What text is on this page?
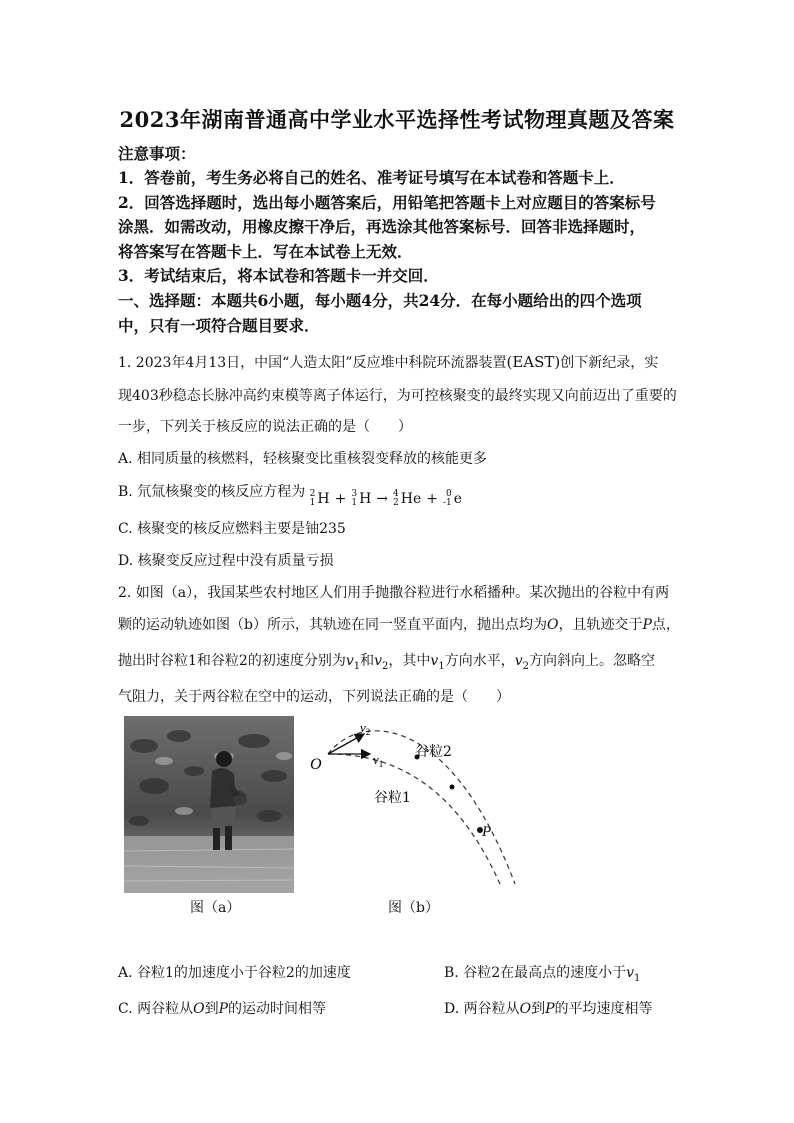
2023年湖南普通高中学业水平选择性考试物理真题及答案
注意事项：
1．答卷前，考生务必将自己的姓名、准考证号填写在本试卷和答题卡上．
2．回答选择题时，选出每小题答案后，用铅笔把答题卡上对应题目的答案标号
涂黑．如需改动，用橡皮擦干净后，再选涂其他答案标号．回答非选择题时，
将答案写在答题卡上．写在本试卷上无效．
3．考试结束后，将本试卷和答题卡一并交回．
一、选择题：本题共6小题，每小题4分，共24分．在每小题给出的四个选项
中，只有一项符合题目要求．
1. 2023年4月13日，中国“人造太阳”反应堆中科院环流器装置(EAST)创下新纪录，实
现403秒稳态长脉冲高约束模等离子体运行，为可控核聚变的最终实现又向前迈出了重要的
一步，下列关于核反应的说法正确的是（　　）
A. 相同质量的核燃料，轻核聚变比重核裂变释放的核能更多
B. 氘氚核聚变的核反应方程为 2
1 H + 3
1 H → 4
2 He + 0
-1 e
C. 核聚变的核反应燃料主要是铀235
D. 核聚变反应过程中没有质量亏损
2. 如图（a），我国某些农村地区人们用手抛撒谷粒进行水稻播种。某次抛出的谷粒中有两
颗的运动轨迹如图（b）所示，其轨迹在同一竖直平面内，抛出点均为O，且轨迹交于P点，
抛出时谷粒1和谷粒2的初速度分别为$v_1$和$v_2$，其中$v_1$方向水平，$v_2$方向斜向上。忽略空
气阻力，关于两谷粒在空中的运动，下列说法正确的是（　　）
图（a）
O
$v_2$
$v_1$
谷粒2
谷粒1
P
图（b）
A. 谷粒1的加速度小于谷粒2的加速度	B. 谷粒2在最高点的速度小于$v_1$
C. 两谷粒从O到P的运动时间相等	D. 两谷粒从O到P的平均速度相等
